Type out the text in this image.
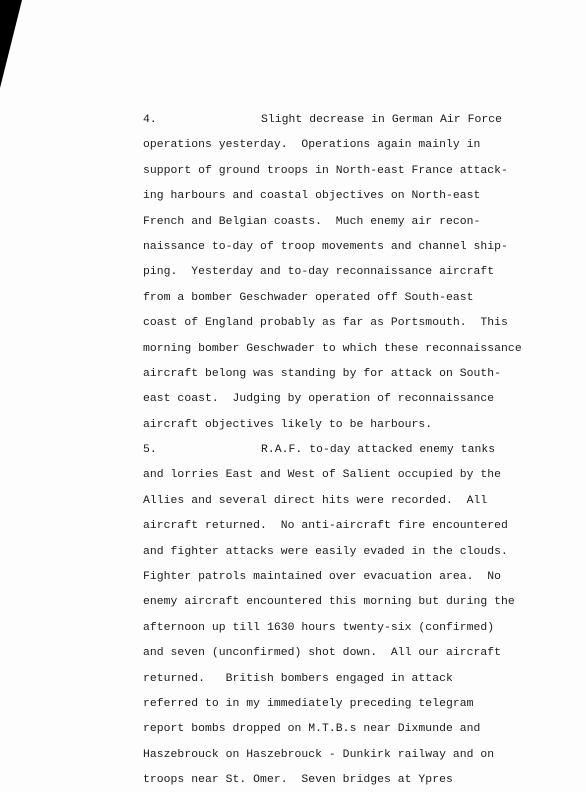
4.	Slight decrease in German Air Force
operations yesterday.  Operations again mainly in
support of ground troops in North-east France attack-
ing harbours and coastal objectives on North-east
French and Belgian coasts.  Much enemy air recon-
naissance to-day of troop movements and channel ship-
ping.  Yesterday and to-day reconnaissance aircraft
from a bomber Geschwader operated off South-east
coast of England probably as far as Portsmouth.  This
morning bomber Geschwader to which these reconnaissance
aircraft belong was standing by for attack on South-
east coast.  Judging by operation of reconnaissance
aircraft objectives likely to be harbours.
5.	R.A.F. to-day attacked enemy tanks
and lorries East and West of Salient occupied by the
Allies and several direct hits were recorded.  All
aircraft returned.  No anti-aircraft fire encountered
and fighter attacks were easily evaded in the clouds.
Fighter patrols maintained over evacuation area.  No
enemy aircraft encountered this morning but during the
afternoon up till 1630 hours twenty-six (confirmed)
and seven (unconfirmed) shot down.  All our aircraft
returned.   British bombers engaged in attack
referred to in my immediately preceding telegram
report bombs dropped on M.T.B.s near Dixmunde and
Haszebrouck on Haszebrouck - Dunkirk railway and on
troops near St. Omer.  Seven bridges at Ypres
